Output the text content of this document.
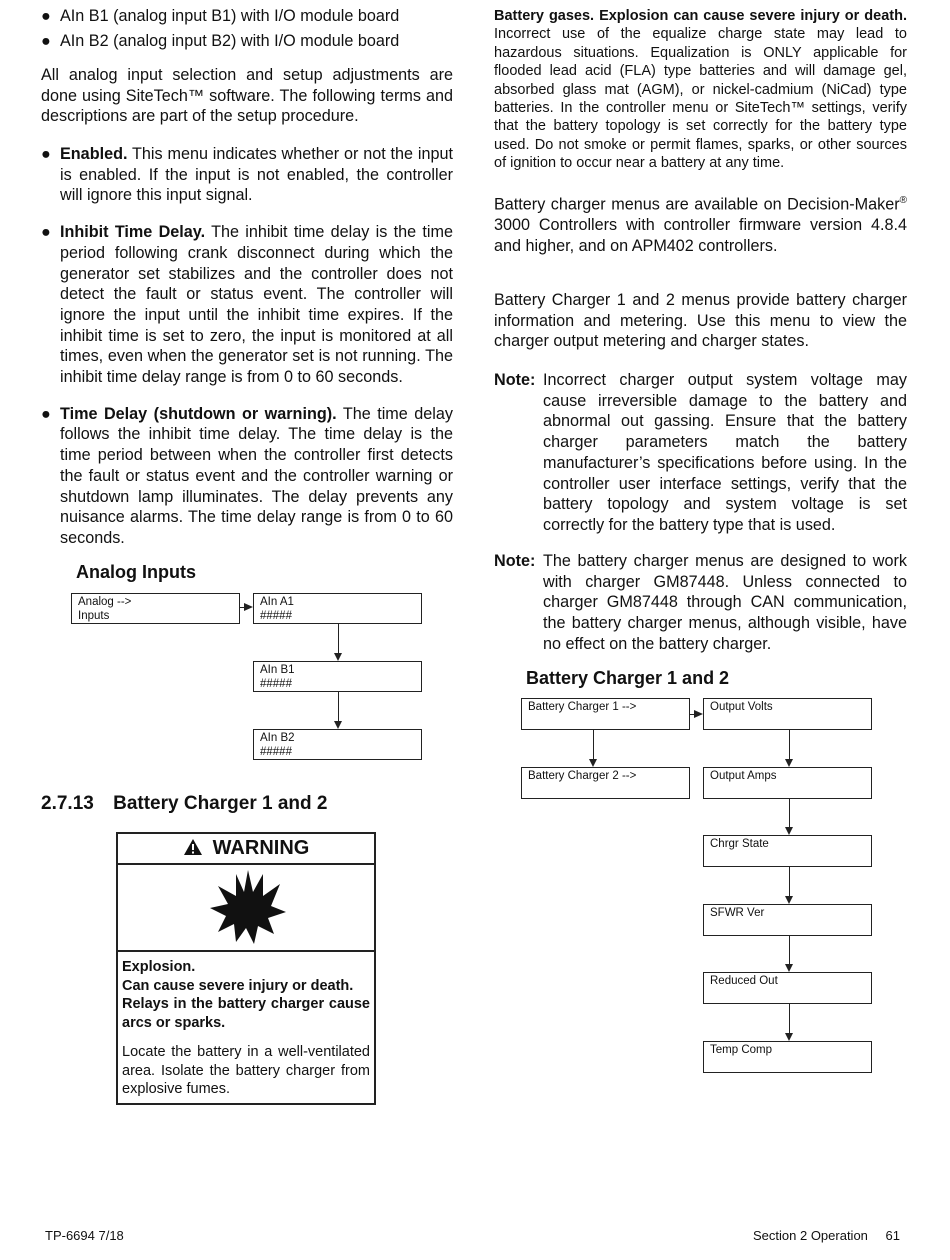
● AIn B1 (analog input B1) with I/O module board
● AIn B2 (analog input B2) with I/O module board

All analog input selection and setup adjustments are done using SiteTech™ software. The following terms and descriptions are part of the setup procedure.

● Enabled. This menu indicates whether or not the input is enabled. If the input is not enabled, the controller will ignore this input signal.
● Inhibit Time Delay. The inhibit time delay is the time period following crank disconnect during which the generator set stabilizes and the controller does not detect the fault or status event. The controller will ignore the input until the inhibit time expires. If the inhibit time is set to zero, the input is monitored at all times, even when the generator set is not running. The inhibit time delay range is from 0 to 60 seconds.
● Time Delay (shutdown or warning). The time delay follows the inhibit time delay. The time delay is the time period between when the controller first detects the fault or status event and the controller warning or shutdown lamp illuminates. The delay prevents any nuisance alarms. The time delay range is from 0 to 60 seconds.
Analog Inputs
Analog -->
Inputs
AIn A1
#####
AIn B1
#####
AIn B2
#####
2.7.13 Battery Charger 1 and 2
WARNING
Explosion.
Can cause severe injury or death.
Relays in the battery charger cause arcs or sparks.
Locate the battery in a well-ventilated area. Isolate the battery charger from explosive fumes.

Battery gases. Explosion can cause severe injury or death. Incorrect use of the equalize charge state may lead to hazardous situations. Equalization is ONLY applicable for flooded lead acid (FLA) type batteries and will damage gel, absorbed glass mat (AGM), or nickel-cadmium (NiCad) type batteries. In the controller menu or SiteTech™ settings, verify that the battery topology is set correctly for the battery type used. Do not smoke or permit flames, sparks, or other sources of ignition to occur near a battery at any time.

Battery charger menus are available on Decision-Maker® 3000 Controllers with controller firmware version 4.8.4 and higher, and on APM402 controllers.

Battery Charger 1 and 2 menus provide battery charger information and metering. Use this menu to view the charger output metering and charger states.

Note: Incorrect charger output system voltage may cause irreversible damage to the battery and abnormal out gassing. Ensure that the battery charger parameters match the battery manufacturer’s specifications before using. In the controller user interface settings, verify that the battery topology and system voltage is set correctly for the battery type that is used.
Note: The battery charger menus are designed to work with charger GM87448. Unless connected to charger GM87448 through CAN communication, the battery charger menus, although visible, have no effect on the battery charger.
Battery Charger 1 and 2
Battery Charger 1 -->
Battery Charger 2 -->
Output Volts
Output Amps
Chrgr State
SFWR Ver
Reduced Out
Temp Comp
TP-6694 7/18	Section 2 Operation 61
